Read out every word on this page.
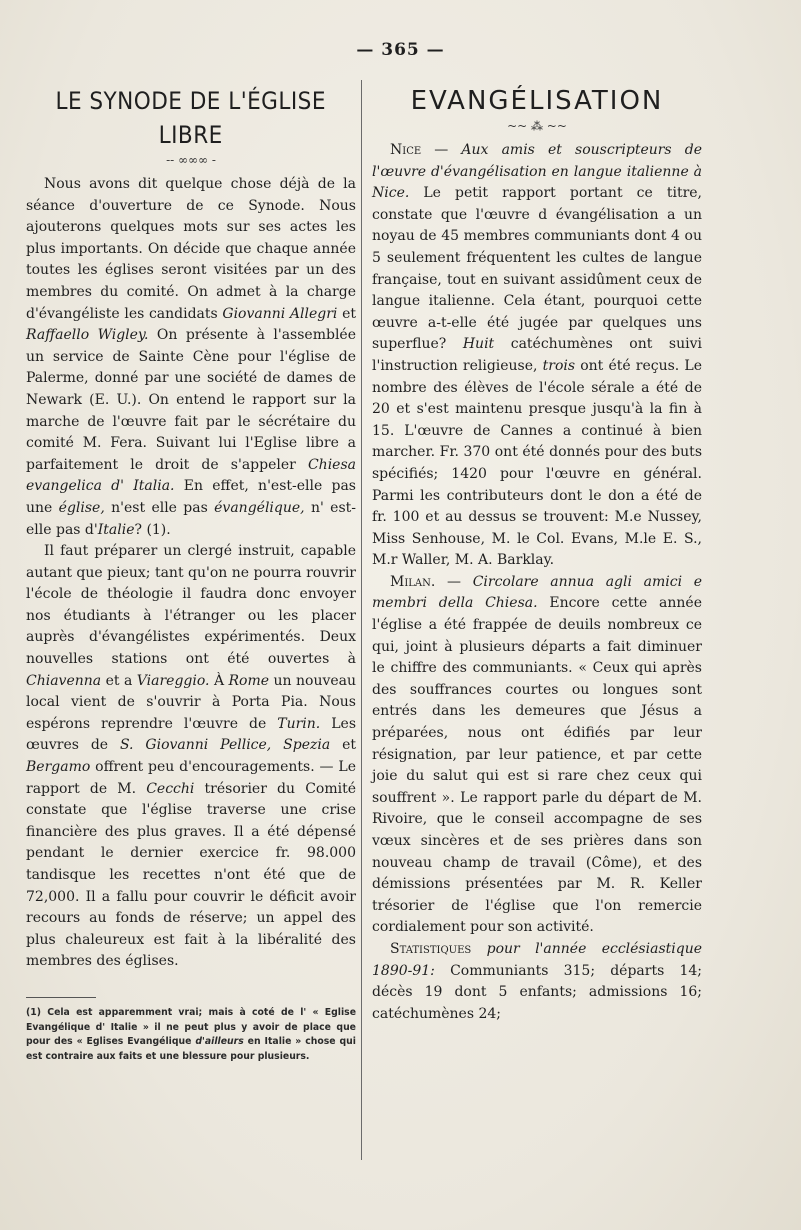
— 365 —
LE SYNODE DE L'ÉGLISE LIBRE
-- ∞∞∞ -

Nous avons dit quelque chose déjà de la séance d'ouverture de ce Synode. Nous ajouterons quelques mots sur ses actes les plus importants. On décide que chaque année toutes les églises seront visitées par un des membres du comité. On admet à la charge d'évangéliste les candidats Giovanni Allegri et Raffaello Wigley. On présente à l'assemblée un service de Sainte Cène pour l'église de Palerme, donné par une société de dames de Newark (E. U.). On entend le rapport sur la marche de l'œuvre fait par le sécrétaire du comité M. Fera. Suivant lui l'Eglise libre a parfaitement le droit de s'appeler Chiesa evangelica d' Italia. En effet, n'est-elle pas une église, n'est elle pas évangélique, n' est-elle pas d'Italie? (1).

Il faut préparer un clergé instruit, capable autant que pieux; tant qu'on ne pourra rouvrir l'école de théologie il faudra donc envoyer nos étudiants à l'étranger ou les placer auprès d'évangélistes expérimentés. Deux nouvelles stations ont été ouvertes à Chiavenna et a Viareggio. À Rome un nouveau local vient de s'ouvrir à Porta Pia. Nous espérons reprendre l'œuvre de Turin. Les œuvres de S. Giovanni Pellice, Spezia et Bergamo offrent peu d'encouragements. — Le rapport de M. Cecchi trésorier du Comité constate que l'église traverse une crise financière des plus graves. Il a été dépensé pendant le dernier exercice fr. 98.000 tandisque les recettes n'ont été que de 72,000. Il a fallu pour couvrir le déficit avoir recours au fonds de réserve; un appel des plus chaleureux est fait à la libéralité des membres des églises.

(1) Cela est apparemment vrai; mais à coté de l' « Eglise Evangélique d' Italie » il ne peut plus y avoir de place que pour des « Eglises Evangélique d'ailleurs en Italie » chose qui est contraire aux faits et une blessure pour plusieurs.

EVANGÉLISATION
~~ ⁂ ~~

Nice — Aux amis et souscripteurs de l'œuvre d'évangélisation en langue italienne à Nice. Le petit rapport portant ce titre, constate que l'œuvre d évangélisation a un noyau de 45 membres communiants dont 4 ou 5 seulement fréquentent les cultes de langue française, tout en suivant assidûment ceux de langue italienne. Cela étant, pourquoi cette œuvre a-t-elle été jugée par quelques uns superflue? Huit catéchumènes ont suivi l'instruction religieuse, trois ont été reçus. Le nombre des élèves de l'école sérale a été de 20 et s'est maintenu presque jusqu'à la fin à 15. L'œuvre de Cannes a continué à bien marcher. Fr. 370 ont été donnés pour des buts spécifiés; 1420 pour l'œuvre en général. Parmi les contributeurs dont le don a été de fr. 100 et au dessus se trouvent: M.e Nussey, Miss Senhouse, M. le Col. Evans, M.le E. S., M.r Waller, M. A. Barklay.

Milan. — Circolare annua agli amici e membri della Chiesa. Encore cette année l'église a été frappée de deuils nombreux ce qui, joint à plusieurs départs a fait diminuer le chiffre des communiants. « Ceux qui après des souffrances courtes ou longues sont entrés dans les demeures que Jésus a préparées, nous ont édifiés par leur résignation, par leur patience, et par cette joie du salut qui est si rare chez ceux qui souffrent ». Le rapport parle du départ de M. Rivoire, que le conseil accompagne de ses vœux sincères et de ses prières dans son nouveau champ de travail (Côme), et des démissions présentées par M. R. Keller trésorier de l'église que l'on remercie cordialement pour son activité.

Statistiques pour l'année ecclésiastique 1890-91: Communiants 315; départs 14; décès 19 dont 5 enfants; admissions 16; catéchumènes 24;
